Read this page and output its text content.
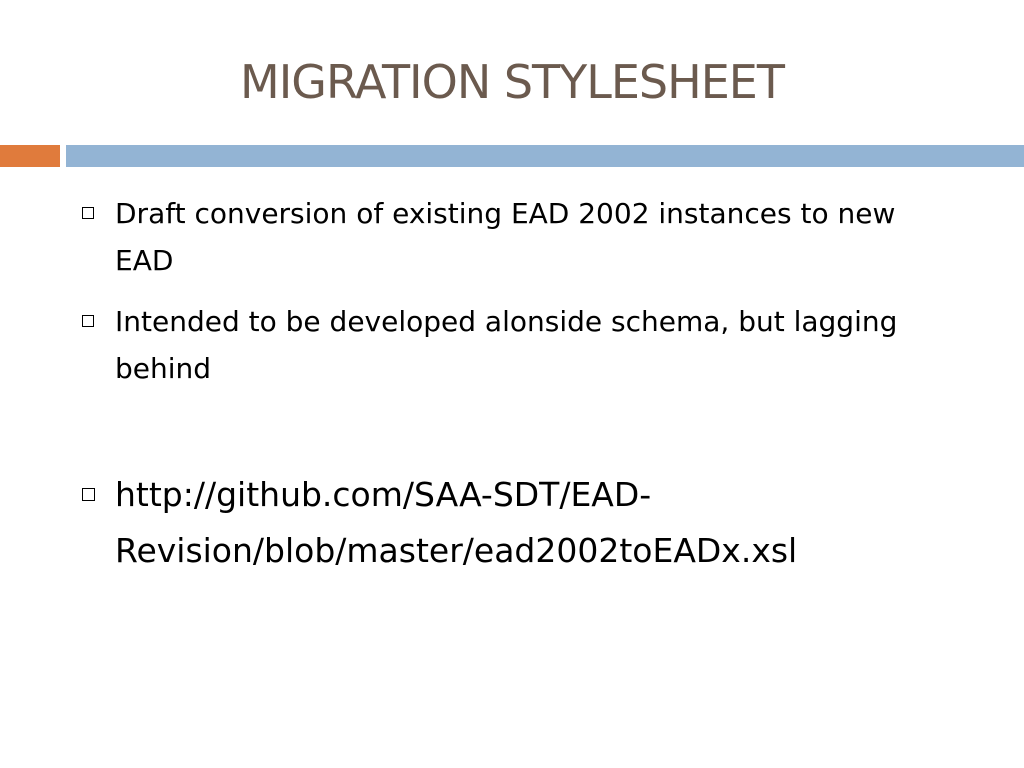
MIGRATION STYLESHEET
Draft conversion of existing EAD 2002 instances to new EAD
Intended to be developed alonside schema, but lagging behind
http://github.com/SAA-SDT/EAD-Revision/blob/master/ead2002toEADx.xsl
